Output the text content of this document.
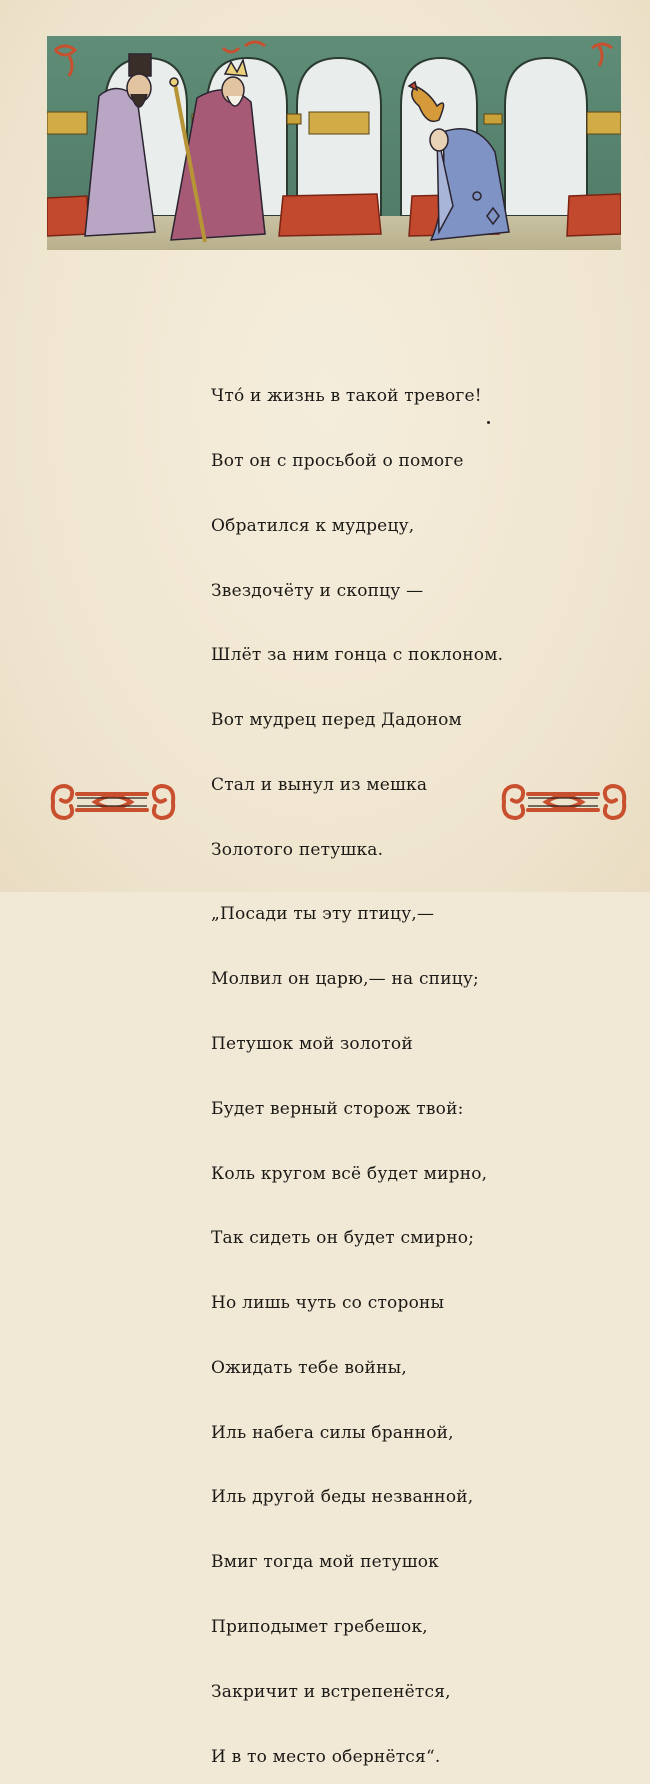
Что́ и жизнь в такой тревоге!

Вот он с просьбой о помоге

Обратился к мудрецу,

Звездочёту и скопцу —

Шлёт за ним гонца с поклоном.

Вот мудрец перед Дадоном

Стал и вынул из мешка

Золотого петушка.

„Посади ты эту птицу,—

Молвил он царю,— на спицу;

Петушок мой золотой

Будет верный сторож твой:

Коль кругом всё будет мирно,

Так сидеть он будет смирно;

Но лишь чуть со стороны

Ожидать тебе войны,

Иль набега силы бранной,

Иль другой беды незванной,

Вмиг тогда мой петушок

Приподымет гребешок,

Закричит и встрепенётся,

И в то место обернётся“.
